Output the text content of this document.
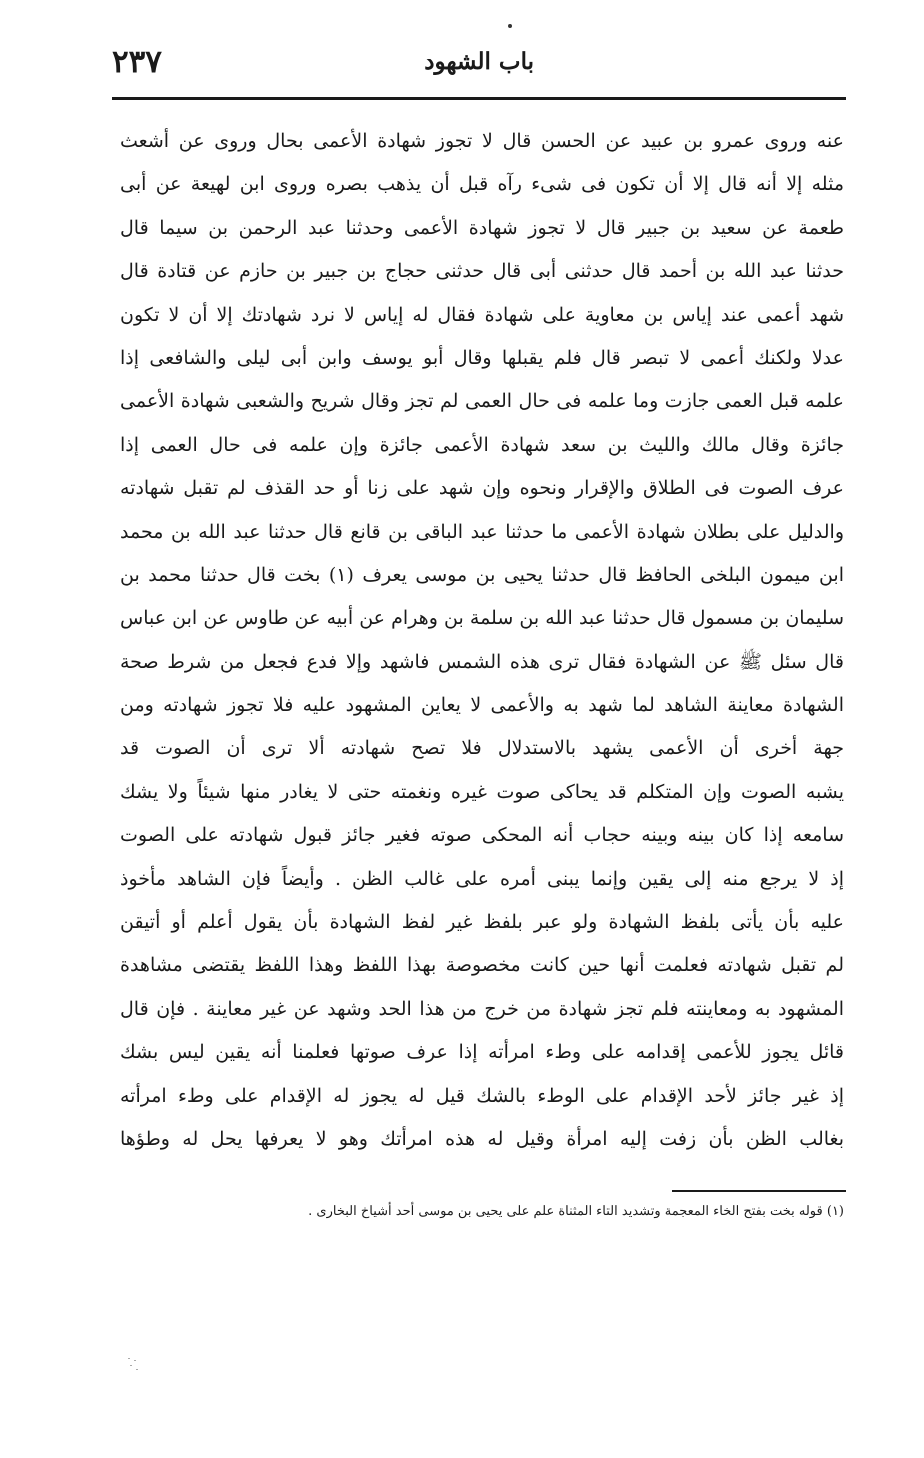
باب الشهود
٢٣٧
عنه وروى عمرو بن عبيد عن الحسن قال لا تجوز شهادة الأعمى بحال وروى عن أشعث
مثله إلا أنه قال إلا أن تكون فى شىء رآه قبل أن يذهب بصره وروى ابن لهيعة عن أبى
طعمة عن سعيد بن جبير قال لا تجوز شهادة الأعمى وحدثنا عبد الرحمن بن سيما قال
حدثنا عبد الله بن أحمد قال حدثنى أبى قال حدثنى حجاج بن جبير بن حازم عن قتادة قال
شهد أعمى عند إياس بن معاوية على شهادة فقال له إياس لا نرد شهادتك إلا أن لا تكون
عدلا ولكنك أعمى لا تبصر قال فلم يقبلها وقال أبو يوسف وابن أبى ليلى والشافعى إذا
علمه قبل العمى جازت وما علمه فى حال العمى لم تجز وقال شريح والشعبى شهادة الأعمى
جائزة وقال مالك والليث بن سعد شهادة الأعمى جائزة وإن علمه فى حال العمى إذا
عرف الصوت فى الطلاق والإقرار ونحوه وإن شهد على زنا أو حد القذف لم تقبل شهادته
والدليل على بطلان شهادة الأعمى ما حدثنا عبد الباقى بن قانع قال حدثنا عبد الله بن محمد
ابن ميمون البلخى الحافظ قال حدثنا يحيى بن موسى يعرف (١) بخت قال حدثنا محمد بن
سليمان بن مسمول قال حدثنا عبد الله بن سلمة بن وهرام عن أبيه عن طاوس عن ابن عباس
قال سئل ﷺ عن الشهادة فقال ترى هذه الشمس فاشهد وإلا فدع فجعل من شرط صحة
الشهادة معاينة الشاهد لما شهد به والأعمى لا يعاين المشهود عليه فلا تجوز شهادته ومن
جهة أخرى أن الأعمى يشهد بالاستدلال فلا تصح شهادته ألا ترى أن الصوت قد
يشبه الصوت وإن المتكلم قد يحاكى صوت غيره ونغمته حتى لا يغادر منها شيئاً ولا يشك
سامعه إذا كان بينه وبينه حجاب أنه المحكى صوته فغير جائز قبول شهادته على الصوت
إذ لا يرجع منه إلى يقين وإنما يبنى أمره على غالب الظن . وأيضاً فإن الشاهد مأخوذ
عليه بأن يأتى بلفظ الشهادة ولو عبر بلفظ غير لفظ الشهادة بأن يقول أعلم أو أتيقن
لم تقبل شهادته فعلمت أنها حين كانت مخصوصة بهذا اللفظ وهذا اللفظ يقتضى مشاهدة
المشهود به ومعاينته فلم تجز شهادة من خرج من هذا الحد وشهد عن غير معاينة . فإن قال
قائل يجوز للأعمى إقدامه على وطء امرأته إذا عرف صوتها فعلمنا أنه يقين ليس بشك
إذ غير جائز لأحد الإقدام على الوطء بالشك قيل له يجوز له الإقدام على وطء امرأته
بغالب الظن بأن زفت إليه امرأة وقيل له هذه امرأتك وهو لا يعرفها يحل له وطؤها
(١) قوله بخت بفتح الخاء المعجمة وتشديد التاء المثناة علم على يحيى بن موسى أحد أشياخ البخارى .
